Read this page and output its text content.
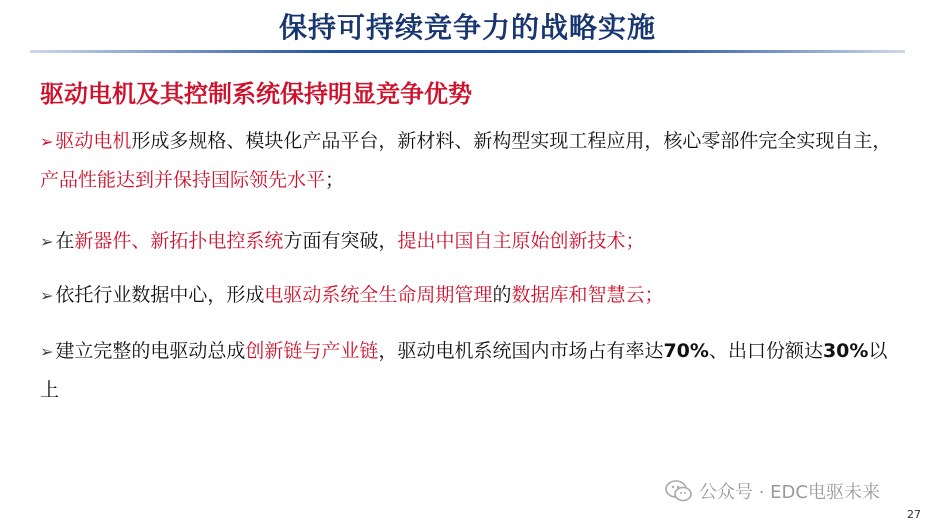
保持可持续竞争力的战略实施
驱动电机及其控制系统保持明显竞争优势
➢ 驱动电机形成多规格、模块化产品平台，新材料、新构型实现工程应用，核心零部件完全实现自主，产品性能达到并保持国际领先水平；
➢ 在新器件、新拓扑电控系统方面有突破，提出中国自主原始创新技术；
➢ 依托行业数据中心，形成电驱动系统全生命周期管理的数据库和智慧云；
➢ 建立完整的电驱动总成创新链与产业链，驱动电机系统国内市场占有率达70%、出口份额达30%以上
公众号 · EDC电驱未来
27
